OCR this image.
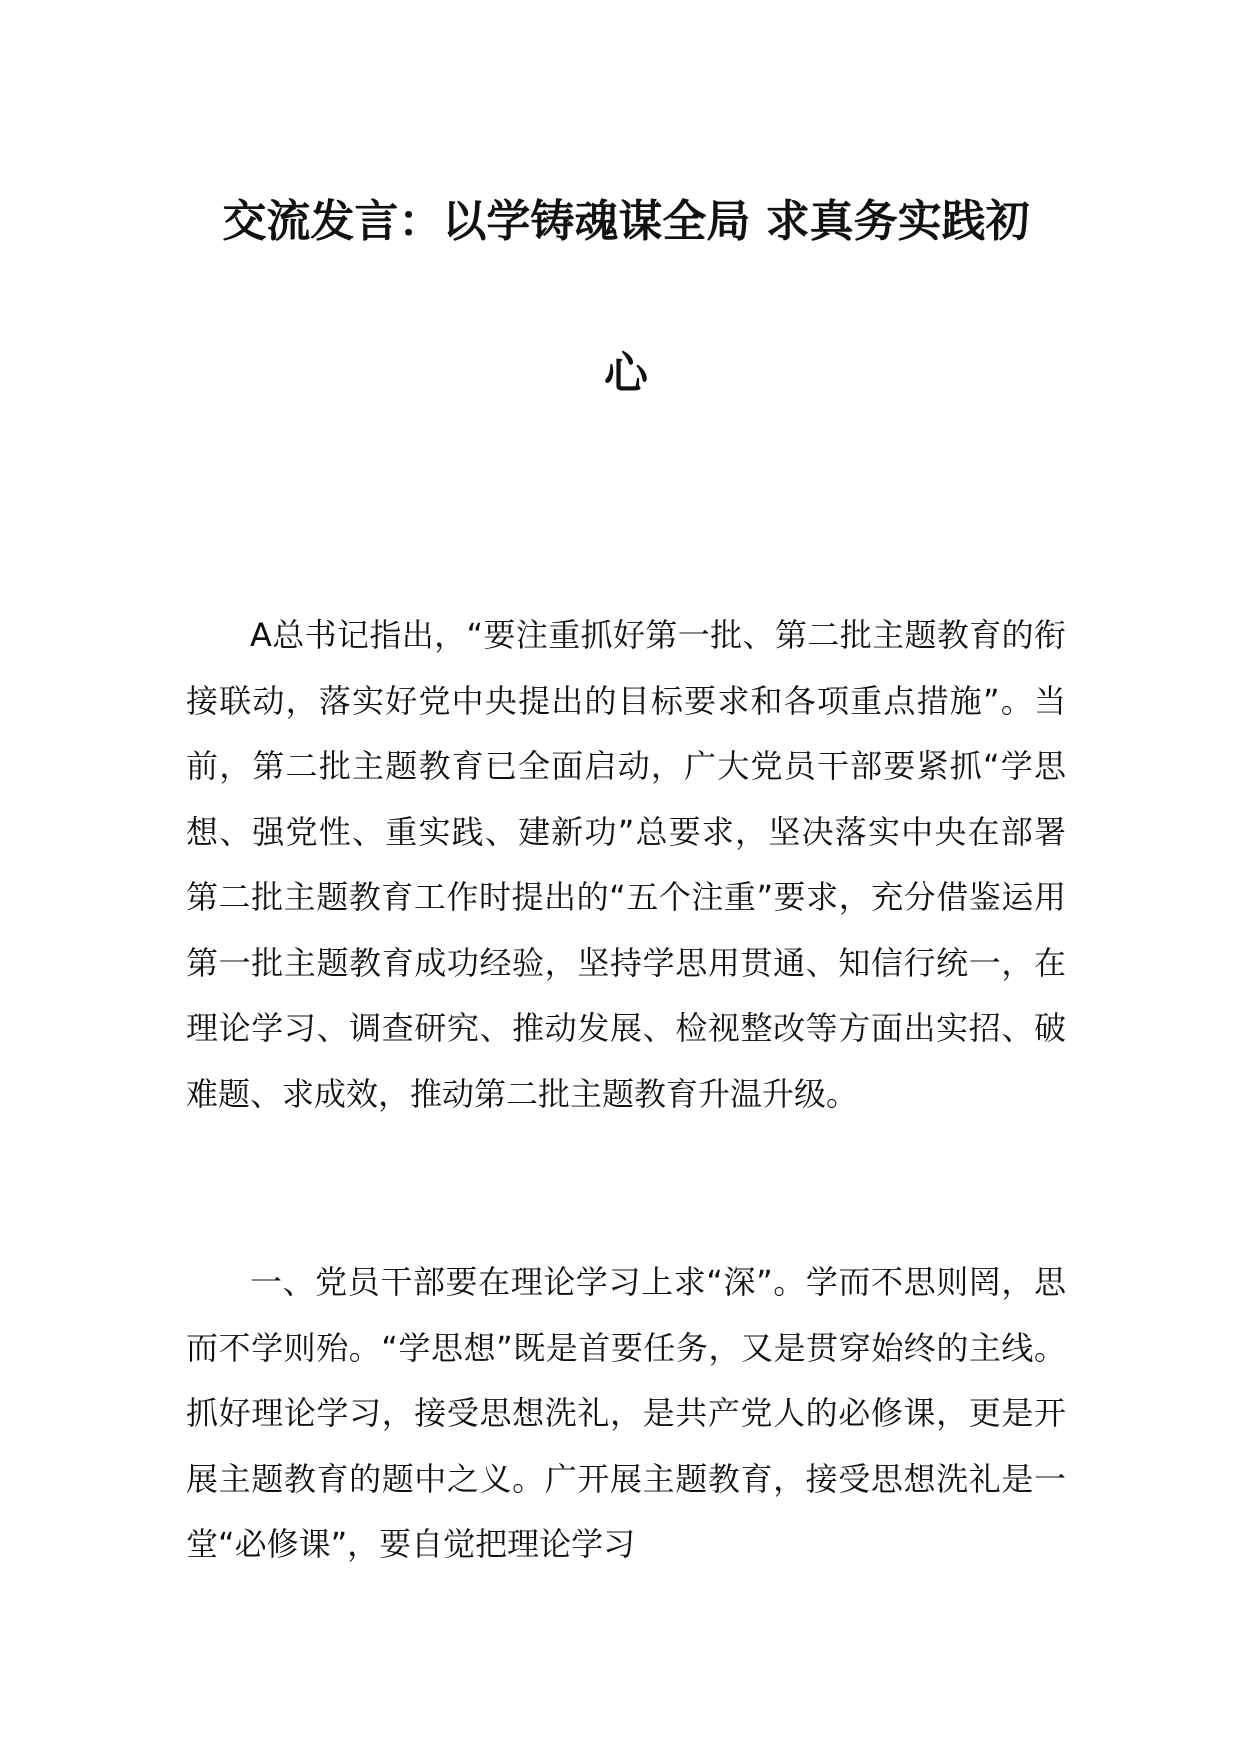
交流发言：以学铸魂谋全局 求真务实践初
心

A总书记指出，“要注重抓好第一批、第二批主题教育的衔接联动，落实好党中央提出的目标要求和各项重点措施”。当前，第二批主题教育已全面启动，广大党员干部要紧抓“学思想、强党性、重实践、建新功”总要求，坚决落实中央在部署第二批主题教育工作时提出的“五个注重”要求，充分借鉴运用第一批主题教育成功经验，坚持学思用贯通、知信行统一，在理论学习、调查研究、推动发展、检视整改等方面出实招、破难题、求成效，推动第二批主题教育升温升级。

一、党员干部要在理论学习上求“深”。学而不思则罔，思而不学则殆。“学思想”既是首要任务，又是贯穿始终的主线。抓好理论学习，接受思想洗礼，是共产党人的必修课，更是开展主题教育的题中之义。广开展主题教育，接受思想洗礼是一堂“必修课”，要自觉把理论学习
